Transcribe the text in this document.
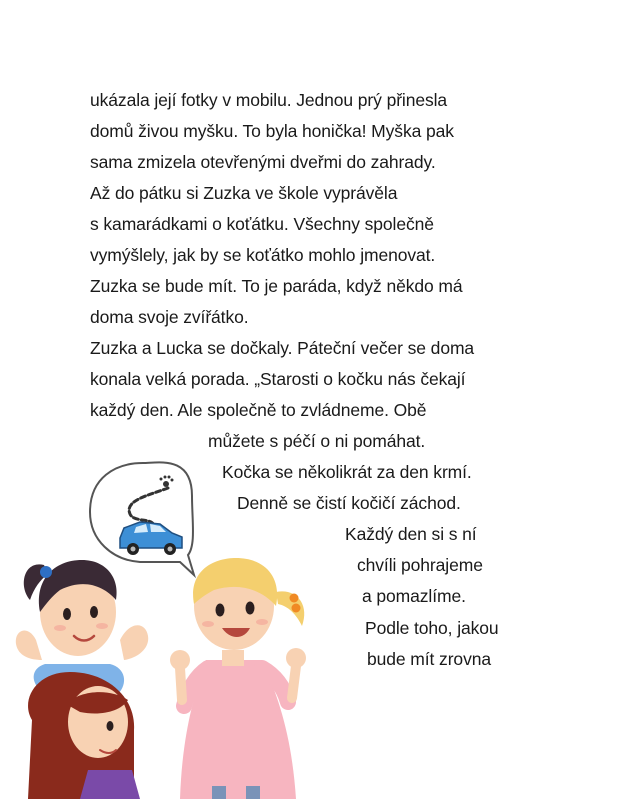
ukázala její fotky v mobilu. Jednou prý přinesla
domů živou myšku. To byla honička! Myška pak
sama zmizela otevřenými dveřmi do zahrady.
Až do pátku si Zuzka ve škole vyprávěla
s kamarádkami o koťátku. Všechny společně
vymýšlely, jak by se koťátko mohlo jmenovat.
Zuzka se bude mít. To je paráda, když někdo má
doma svoje zvířátko.
Zuzka a Lucka se dočkaly. Páteční večer se doma
konala velká porada. „Starosti o kočku nás čekají
každý den. Ale společně to zvládneme. Obě
můžete s péčí o ni pomáhat.
Kočka se několikrát za den krmí.
Denně se čistí kočičí záchod.
Každý den si s ní
chvíli pohrajeme
a pomazlíme.
Podle toho, jakou
bude mít zrovna
